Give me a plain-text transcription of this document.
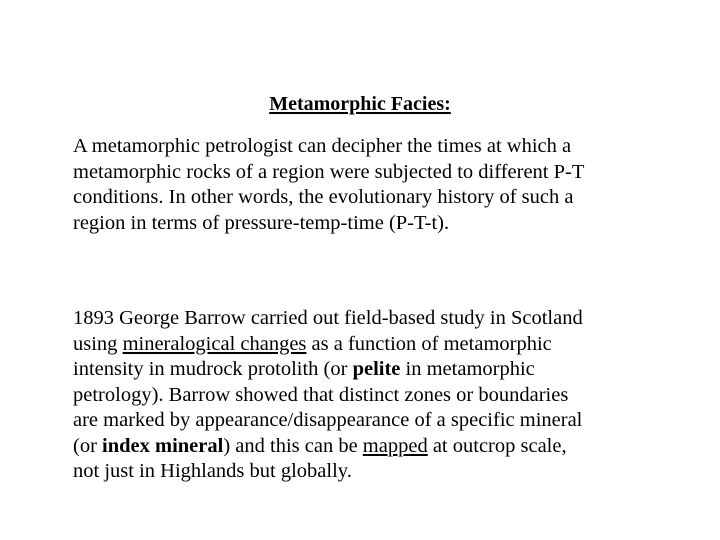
Metamorphic Facies:
A metamorphic petrologist can decipher the times at which a
metamorphic rocks of a region were subjected to different P-T
conditions. In other words, the evolutionary history of such a
region in terms of pressure-temp-time (P-T-t).
1893 George Barrow carried out field-based study in Scotland
using mineralogical changes as a function of metamorphic
intensity in mudrock protolith (or pelite in metamorphic
petrology). Barrow showed that distinct zones or boundaries
are marked by appearance/disappearance of a specific mineral
(or index mineral) and this can be mapped at outcrop scale,
not just in Highlands but globally.
